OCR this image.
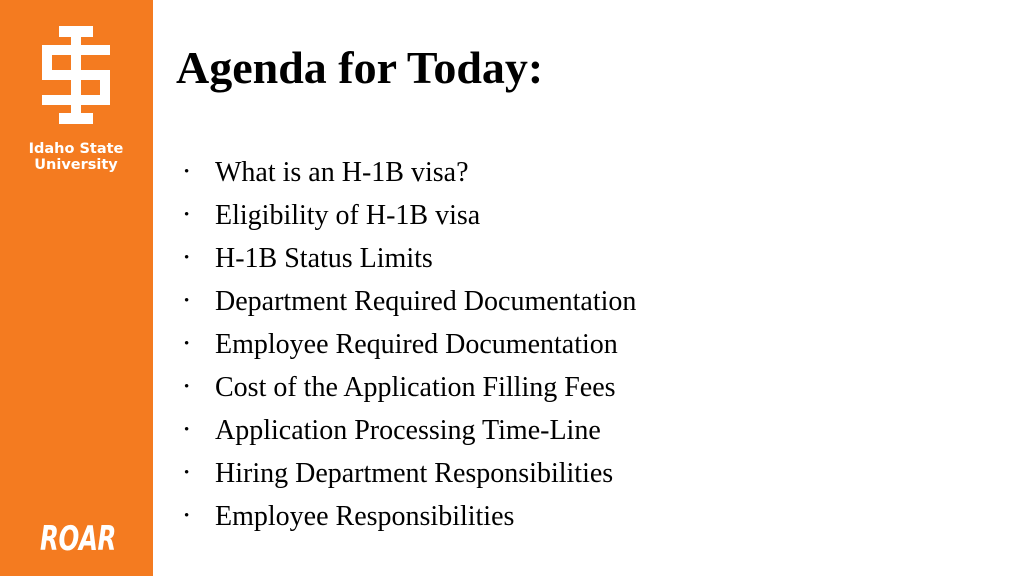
Idaho State
University
ROAR
Agenda for Today:
• What is an H-1B visa?
• Eligibility of H-1B visa
• H-1B Status Limits
• Department Required Documentation
• Employee Required Documentation
• Cost of the Application Filling Fees
• Application Processing Time-Line
• Hiring Department Responsibilities
• Employee Responsibilities
